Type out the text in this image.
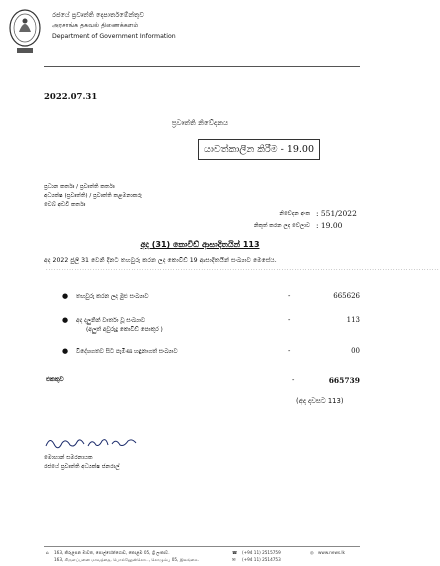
රජයේ ප්‍රවෘත්ති දෙපාර්තමේන්තුව
அரசாங்க தகவல் திணைக்களம்
Department of Government Information
2022.07.31
ප්‍රවෘත්ති නිවේදනය
යාවත්කාලීන කිරීම - 19.00
ප්‍රධාන කර්තෘ / ප්‍රවෘත්ති කර්තෘ
අධ්‍යක්ෂ (ප්‍රවෘත්ති) / ප්‍රවෘත්ති කළමනාකරු
වෙබ් අඩවි කර්තෘ
නිවේදන අංක : 551/2022
නිකුත් කරන ලද වේලාව : 19.00
අද (31) කොවිඩ් ආසාදිතයින් 113
අද 2022 ජුලි 31 වෙනි දිනට තහවුරු කරන ලද කොවිඩ් 19 ආසාදිතයින් සංඛ්‍යාව මෙසේය.
........................................................................................................................................................
● තහවුරු කරන ලද මුළු සංඛ්‍යාව	-	665626
● අද දලුනින් වාර්තා වූ සංඛ්‍යාව
(අලුත් අවුරුදු කොවිඩ් පොකුර )
-	113
● විදේශගතව සිට පැමිණ හඳුනාගත් සංඛ්‍යාව	-	00
එකතුව	-	665739
(අද දවසට 113)
මොහාන් සමරනායක
රජයේ ප්‍රවෘත්ති අධ්‍යක්ෂ ජනරාල්
⌂ 163, කිරුළපන මාවත, පොල්හේන්ගොඩ, කොළඹ 05, ශ්‍රී ලංකාව.
163, கிருளப்பனை மாவத்தை, பொல்ஹேன்கொட, கொழும்பு 05, இலங்கை.
☎ (+94 11) 2515759
✉ (+94 11) 2514753
◎ www.news.lk
